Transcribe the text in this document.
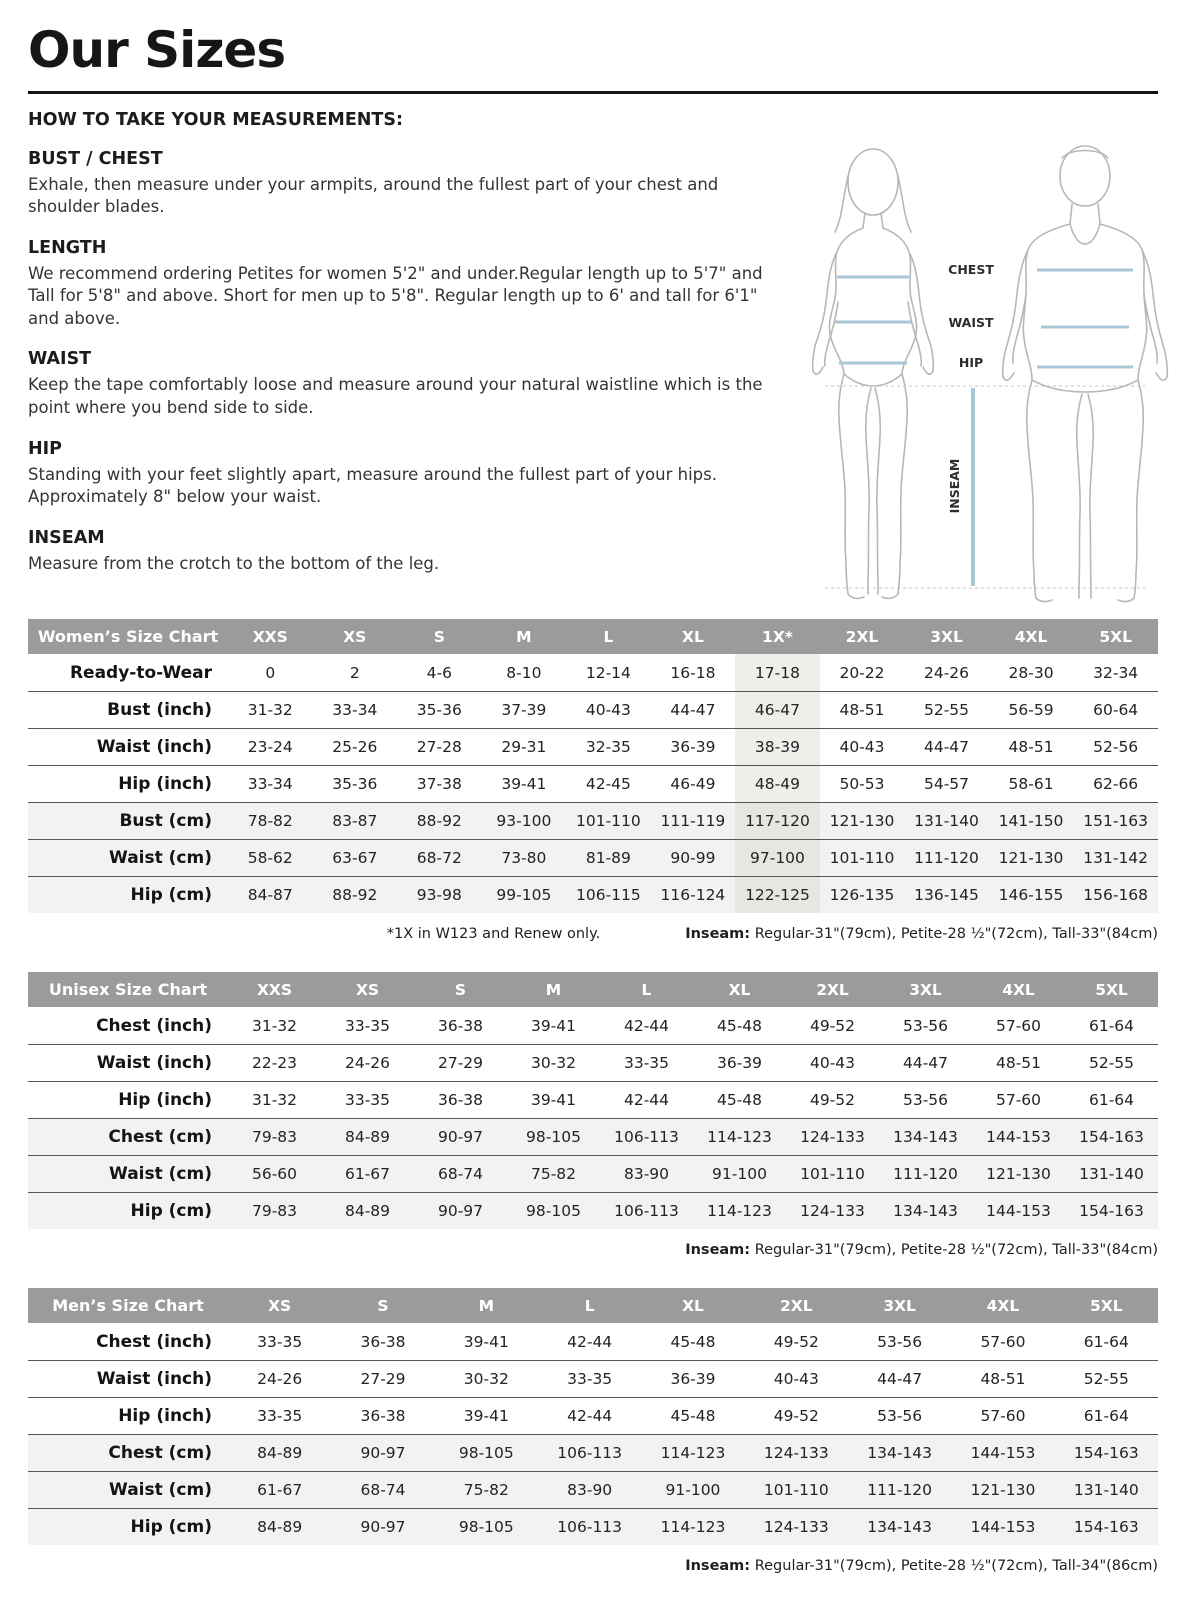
Our Sizes
HOW TO TAKE YOUR MEASUREMENTS:
BUST / CHEST

Exhale, then measure under your armpits, around the fullest part of your chest and shoulder blades.

LENGTH

We recommend ordering Petites for women 5'2" and under.Regular length up to 5'7" and Tall for 5'8" and above. Short for men up to 5'8". Regular length up to 6' and tall for 6'1" and above.

WAIST

Keep the tape comfortably loose and measure around your natural waistline which is the point where you bend side to side.

HIP

Standing with your feet slightly apart, measure around the fullest part of your hips. Approximately 8" below your waist.

INSEAM

Measure from the crotch to the bottom of the leg.

Women’s Size Chart	XXS	XS	S	M	L	XL	1X*	2XL	3XL	4XL	5XL
Ready-to-Wear	0	2	4-6	8-10	12-14	16-18	17-18	20-22	24-26	28-30	32-34
Bust (inch)	31-32	33-34	35-36	37-39	40-43	44-47	46-47	48-51	52-55	56-59	60-64
Waist (inch)	23-24	25-26	27-28	29-31	32-35	36-39	38-39	40-43	44-47	48-51	52-56
Hip (inch)	33-34	35-36	37-38	39-41	42-45	46-49	48-49	50-53	54-57	58-61	62-66
Bust (cm)	78-82	83-87	88-92	93-100	101-110	111-119	117-120	121-130	131-140	141-150	151-163
Waist (cm)	58-62	63-67	68-72	73-80	81-89	90-99	97-100	101-110	111-120	121-130	131-142
Hip (cm)	84-87	88-92	93-98	99-105	106-115	116-124	122-125	126-135	136-145	146-155	156-168
*1X in W123 and Renew only.	Inseam: Regular-31"(79cm), Petite-28 ½"(72cm), Tall-33"(84cm)
Unisex Size Chart	XXS	XS	S	M	L	XL	2XL	3XL	4XL	5XL
Chest (inch)	31-32	33-35	36-38	39-41	42-44	45-48	49-52	53-56	57-60	61-64
Waist (inch)	22-23	24-26	27-29	30-32	33-35	36-39	40-43	44-47	48-51	52-55
Hip (inch)	31-32	33-35	36-38	39-41	42-44	45-48	49-52	53-56	57-60	61-64
Chest (cm)	79-83	84-89	90-97	98-105	106-113	114-123	124-133	134-143	144-153	154-163
Waist (cm)	56-60	61-67	68-74	75-82	83-90	91-100	101-110	111-120	121-130	131-140
Hip (cm)	79-83	84-89	90-97	98-105	106-113	114-123	124-133	134-143	144-153	154-163
Inseam: Regular-31"(79cm), Petite-28 ½"(72cm), Tall-33"(84cm)
Men’s Size Chart	XS	S	M	L	XL	2XL	3XL	4XL	5XL
Chest (inch)	33-35	36-38	39-41	42-44	45-48	49-52	53-56	57-60	61-64
Waist (inch)	24-26	27-29	30-32	33-35	36-39	40-43	44-47	48-51	52-55
Hip (inch)	33-35	36-38	39-41	42-44	45-48	49-52	53-56	57-60	61-64
Chest (cm)	84-89	90-97	98-105	106-113	114-123	124-133	134-143	144-153	154-163
Waist (cm)	61-67	68-74	75-82	83-90	91-100	101-110	111-120	121-130	131-140
Hip (cm)	84-89	90-97	98-105	106-113	114-123	124-133	134-143	144-153	154-163
Inseam: Regular-31"(79cm), Petite-28 ½"(72cm), Tall-34"(86cm)
CHEST
WAIST
HIP
INSEAM
